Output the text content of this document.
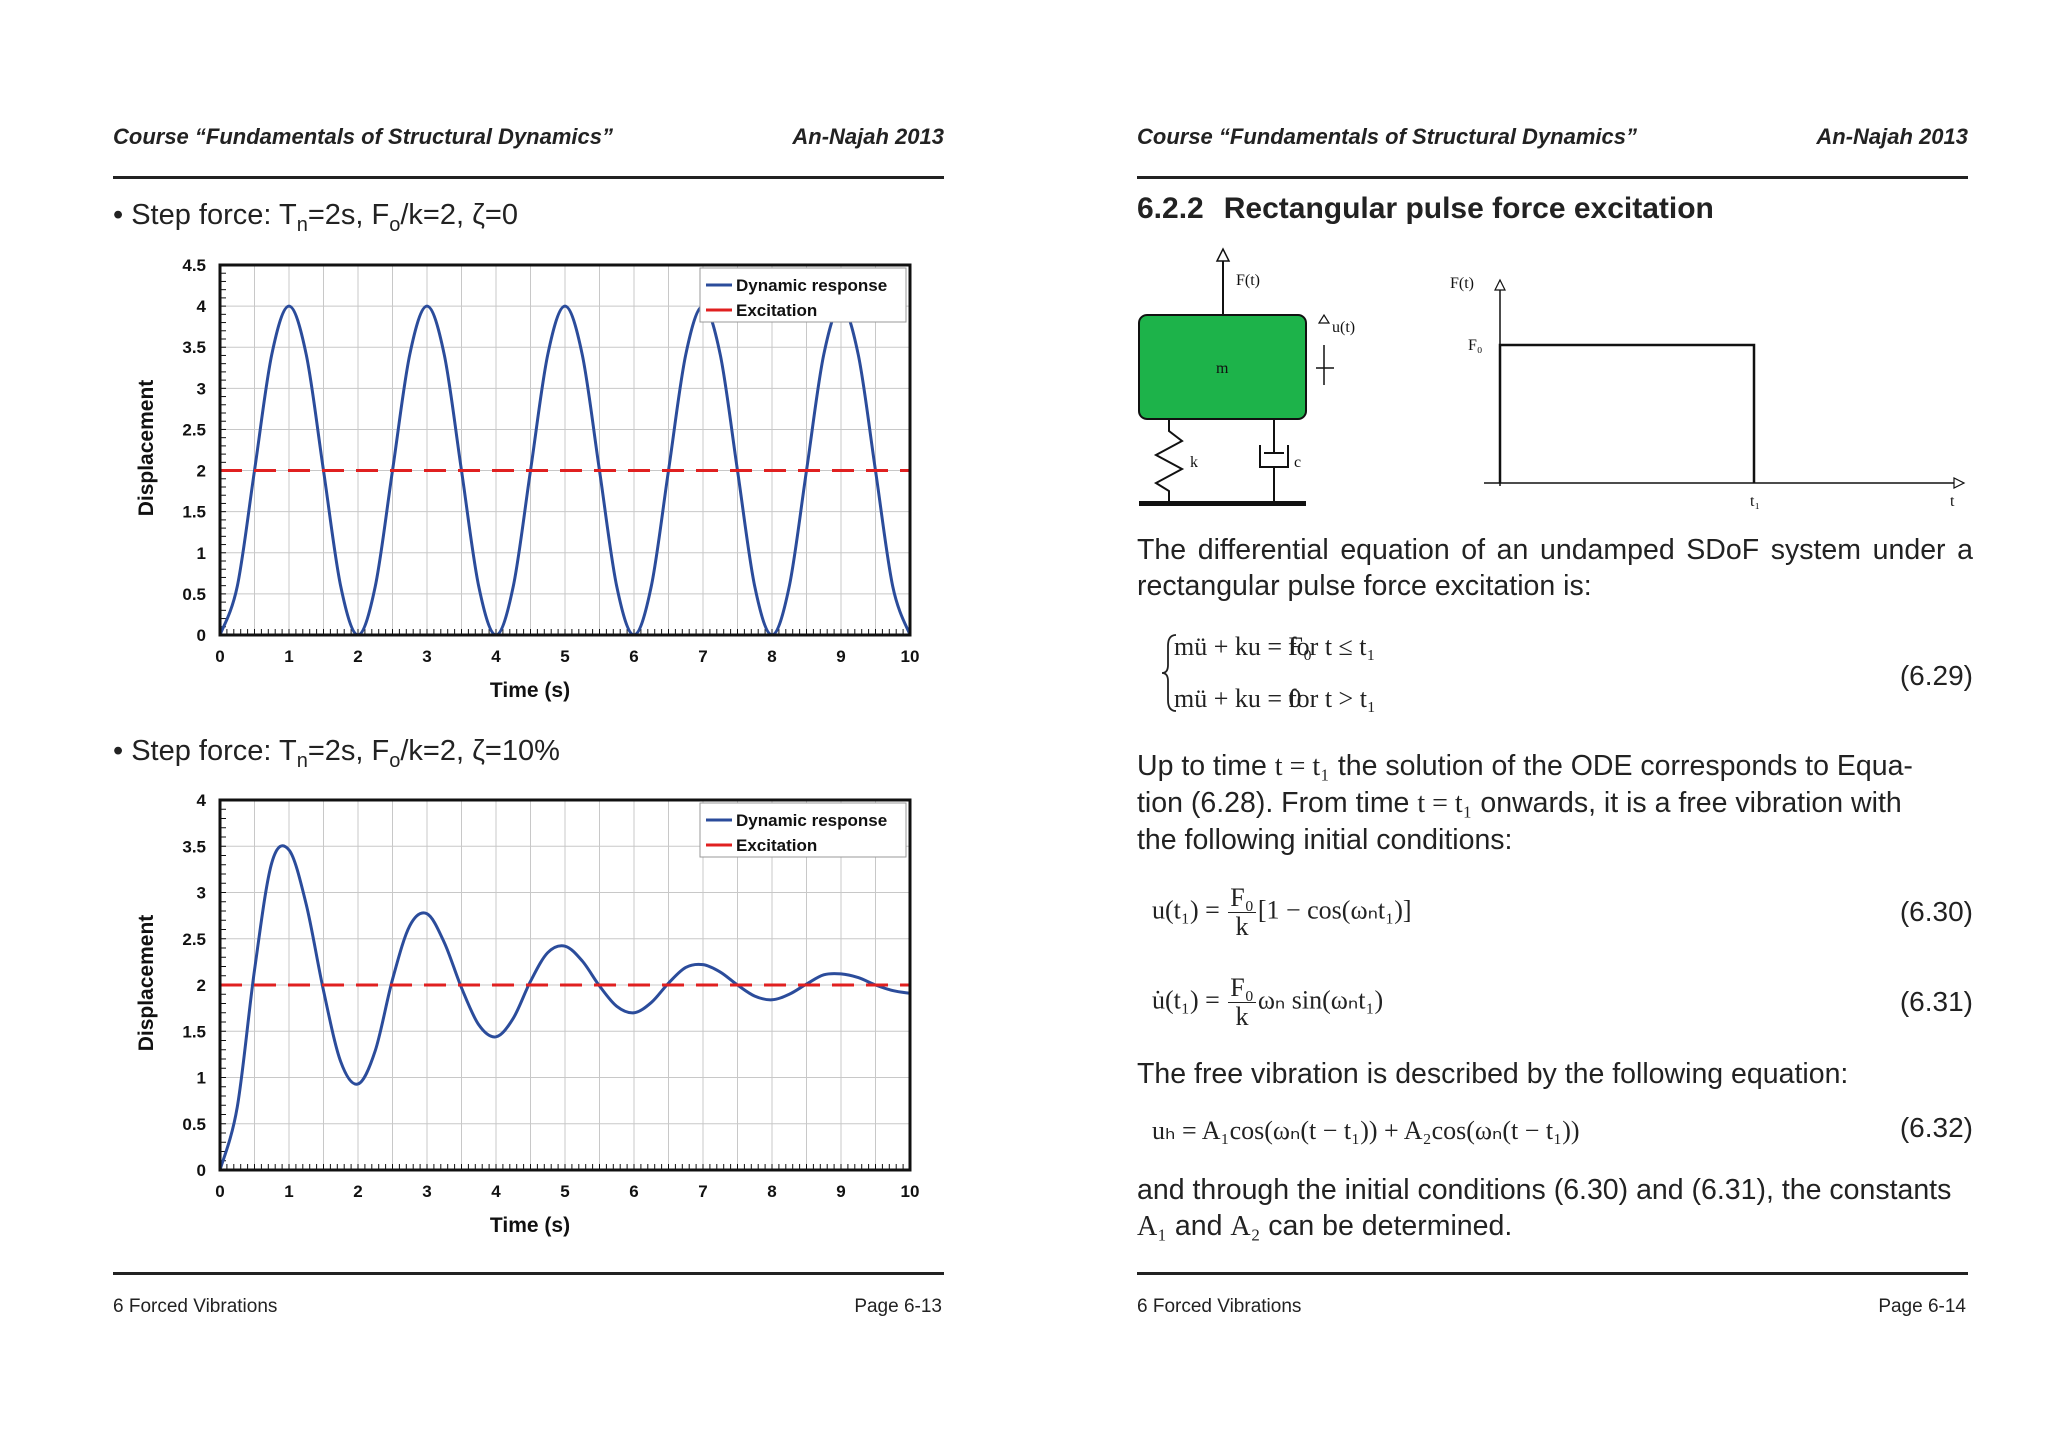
Course “Fundamentals of Structural Dynamics”	An-Najah 2013
• Step force: $T_n=2s$, $F_o/k=2$, ζ=0
0	1	2	3	4	5	6	7	8	9	10
0
0.5
1
1.5
2
2.5
3
3.5
4
4.5
Time (s)
Displacement
Dynamic response
Excitation
• Step force: $T_n=2s$, $F_o/k=2$, ζ=10%
0	1	2	3	4	5	6	7	8	9	10
0
0.5
1
1.5
2
2.5
3
3.5
4
Time (s)
Displacement
Dynamic response
Excitation
6 Forced Vibrations	Page 6-13
Course “Fundamentals of Structural Dynamics”	An-Najah 2013
6.2.2 Rectangular pulse force excitation
F(t)
m
u(t)
k	c
F(t)
F₀
t₁	t
The differential equation of an undamped SDoF system under a rectangular pulse force excitation is:
mü + ku = F₀
for t ≤ t₁
mü + ku = 0
for t > t₁
(6.29)
Up to time t = t₁ the solution of the ODE corresponds to Equa-
tion (6.28). From time t = t₁ onwards, it is a free vibration with
the following initial conditions:
$u(t_1) = \frac{\text{F₀}}{k} [1 - \cos(\omega_nt_1)]$	(6.30)
u̇(t₁) = $\frac{\text{F₀}}{k}$ ωₙ sin(ωₙt₁)	(6.31)
The free vibration is described by the following equation:
uₕ = A₁cos(ωₙ(t − t₁)) + A₂cos(ωₙ(t − t₁))	(6.32)
and through the initial conditions (6.30) and (6.31), the constants
A₁ and A₂ can be determined.
6 Forced Vibrations	Page 6-14
